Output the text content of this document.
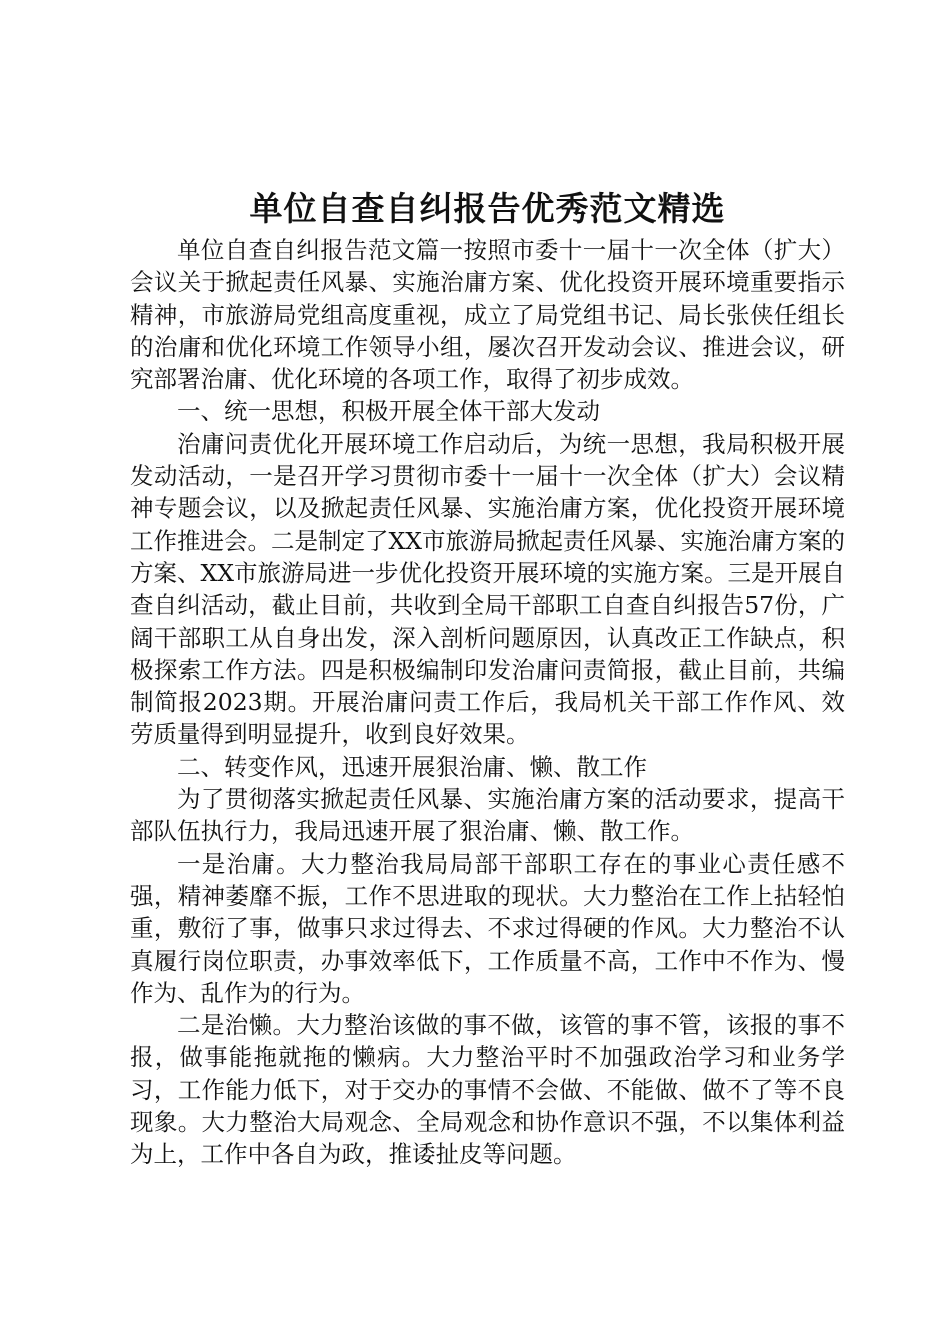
单位自查自纠报告优秀范文精选

单位自查自纠报告范文篇一按照市委十一届十一次全体（扩大）会议关于掀起责任风暴、实施治庸方案、优化投资开展环境重要指示精神，市旅游局党组高度重视，成立了局党组书记、局长张侠任组长的治庸和优化环境工作领导小组，屡次召开发动会议、推进会议，研究部署治庸、优化环境的各项工作，取得了初步成效。

一、统一思想，积极开展全体干部大发动

治庸问责优化开展环境工作启动后，为统一思想，我局积极开展发动活动，一是召开学习贯彻市委十一届十一次全体（扩大）会议精神专题会议，以及掀起责任风暴、实施治庸方案，优化投资开展环境工作推进会。二是制定了XX市旅游局掀起责任风暴、实施治庸方案的方案、XX市旅游局进一步优化投资开展环境的实施方案。三是开展自查自纠活动，截止目前，共收到全局干部职工自查自纠报告57份，广阔干部职工从自身出发，深入剖析问题原因，认真改正工作缺点，积极探索工作方法。四是积极编制印发治庸问责简报，截止目前，共编制简报2023期。开展治庸问责工作后，我局机关干部工作作风、效劳质量得到明显提升，收到良好效果。

二、转变作风，迅速开展狠治庸、懒、散工作

为了贯彻落实掀起责任风暴、实施治庸方案的活动要求，提高干部队伍执行力，我局迅速开展了狠治庸、懒、散工作。

一是治庸。大力整治我局局部干部职工存在的事业心责任感不强，精神萎靡不振，工作不思进取的现状。大力整治在工作上拈轻怕重，敷衍了事，做事只求过得去、不求过得硬的作风。大力整治不认真履行岗位职责，办事效率低下，工作质量不高，工作中不作为、慢作为、乱作为的行为。

二是治懒。大力整治该做的事不做，该管的事不管，该报的事不报，做事能拖就拖的懒病。大力整治平时不加强政治学习和业务学习，工作能力低下，对于交办的事情不会做、不能做、做不了等不良现象。大力整治大局观念、全局观念和协作意识不强，不以集体利益为上，工作中各自为政，推诿扯皮等问题。
